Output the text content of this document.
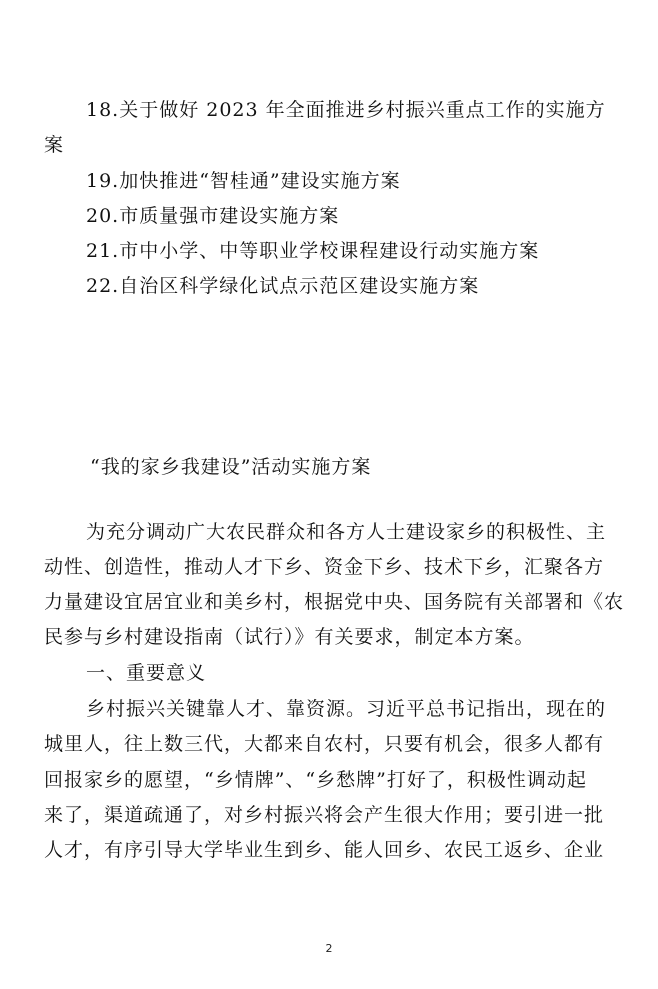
18.关于做好 2023 年全面推进乡村振兴重点工作的实施方
案
19.加快推进“智桂通”建设实施方案
20.市质量强市建设实施方案
21.市中小学、中等职业学校课程建设行动实施方案
22.自治区科学绿化试点示范区建设实施方案
“我的家乡我建设”活动实施方案
为充分调动广大农民群众和各方人士建设家乡的积极性、主
动性、创造性，推动人才下乡、资金下乡、技术下乡，汇聚各方
力量建设宜居宜业和美乡村，根据党中央、国务院有关部署和《农
民参与乡村建设指南（试行）》有关要求，制定本方案。
一、重要意义
乡村振兴关键靠人才、靠资源。习近平总书记指出，现在的
城里人，往上数三代，大都来自农村，只要有机会，很多人都有
回报家乡的愿望，“乡情牌”、“乡愁牌”打好了，积极性调动起
来了，渠道疏通了，对乡村振兴将会产生很大作用；要引进一批
人才，有序引导大学毕业生到乡、能人回乡、农民工返乡、企业
2
